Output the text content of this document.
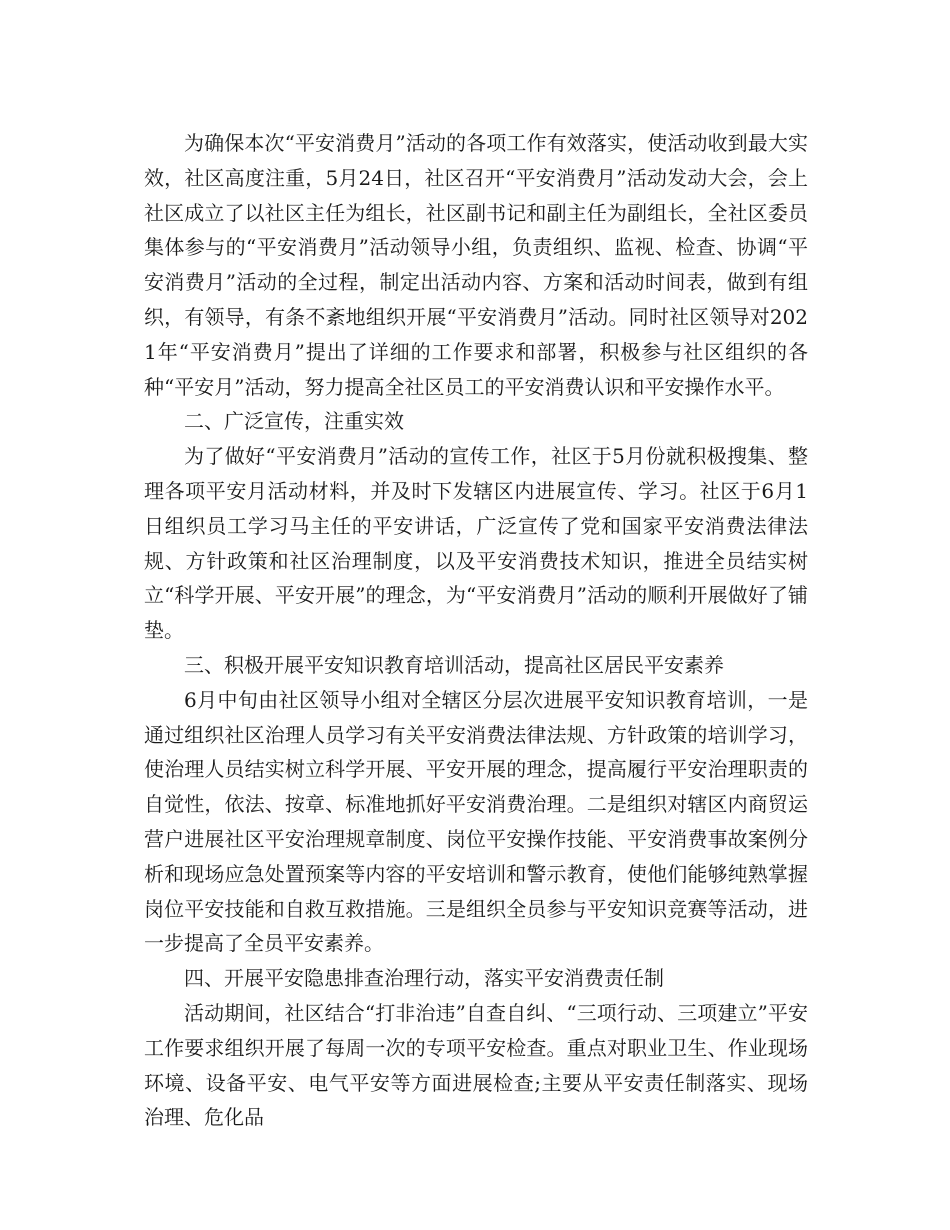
为确保本次“平安消费月”活动的各项工作有效落实，使活动收到最大实效，社区高度注重，5月24日，社区召开“平安消费月”活动发动大会，会上社区成立了以社区主任为组长，社区副书记和副主任为副组长，全社区委员集体参与的“平安消费月”活动领导小组，负责组织、监视、检查、协调“平安消费月”活动的全过程，制定出活动内容、方案和活动时间表，做到有组织，有领导，有条不紊地组织开展“平安消费月”活动。同时社区领导对2021年“平安消费月”提出了详细的工作要求和部署，积极参与社区组织的各种“平安月”活动，努力提高全社区员工的平安消费认识和平安操作水平。

二、广泛宣传，注重实效

为了做好“平安消费月”活动的宣传工作，社区于5月份就积极搜集、整理各项平安月活动材料，并及时下发辖区内进展宣传、学习。社区于6月1日组织员工学习马主任的平安讲话，广泛宣传了党和国家平安消费法律法规、方针政策和社区治理制度，以及平安消费技术知识，推进全员结实树立“科学开展、平安开展”的理念，为“平安消费月”活动的顺利开展做好了铺垫。

三、积极开展平安知识教育培训活动，提高社区居民平安素养

6月中旬由社区领导小组对全辖区分层次进展平安知识教育培训，一是通过组织社区治理人员学习有关平安消费法律法规、方针政策的培训学习，使治理人员结实树立科学开展、平安开展的理念，提高履行平安治理职责的自觉性，依法、按章、标准地抓好平安消费治理。二是组织对辖区内商贸运营户进展社区平安治理规章制度、岗位平安操作技能、平安消费事故案例分析和现场应急处置预案等内容的平安培训和警示教育，使他们能够纯熟掌握岗位平安技能和自救互救措施。三是组织全员参与平安知识竞赛等活动，进一步提高了全员平安素养。

四、开展平安隐患排查治理行动，落实平安消费责任制

活动期间，社区结合“打非治违”自查自纠、“三项行动、三项建立”平安工作要求组织开展了每周一次的专项平安检查。重点对职业卫生、作业现场环境、设备平安、电气平安等方面进展检查;主要从平安责任制落实、现场治理、危化品
